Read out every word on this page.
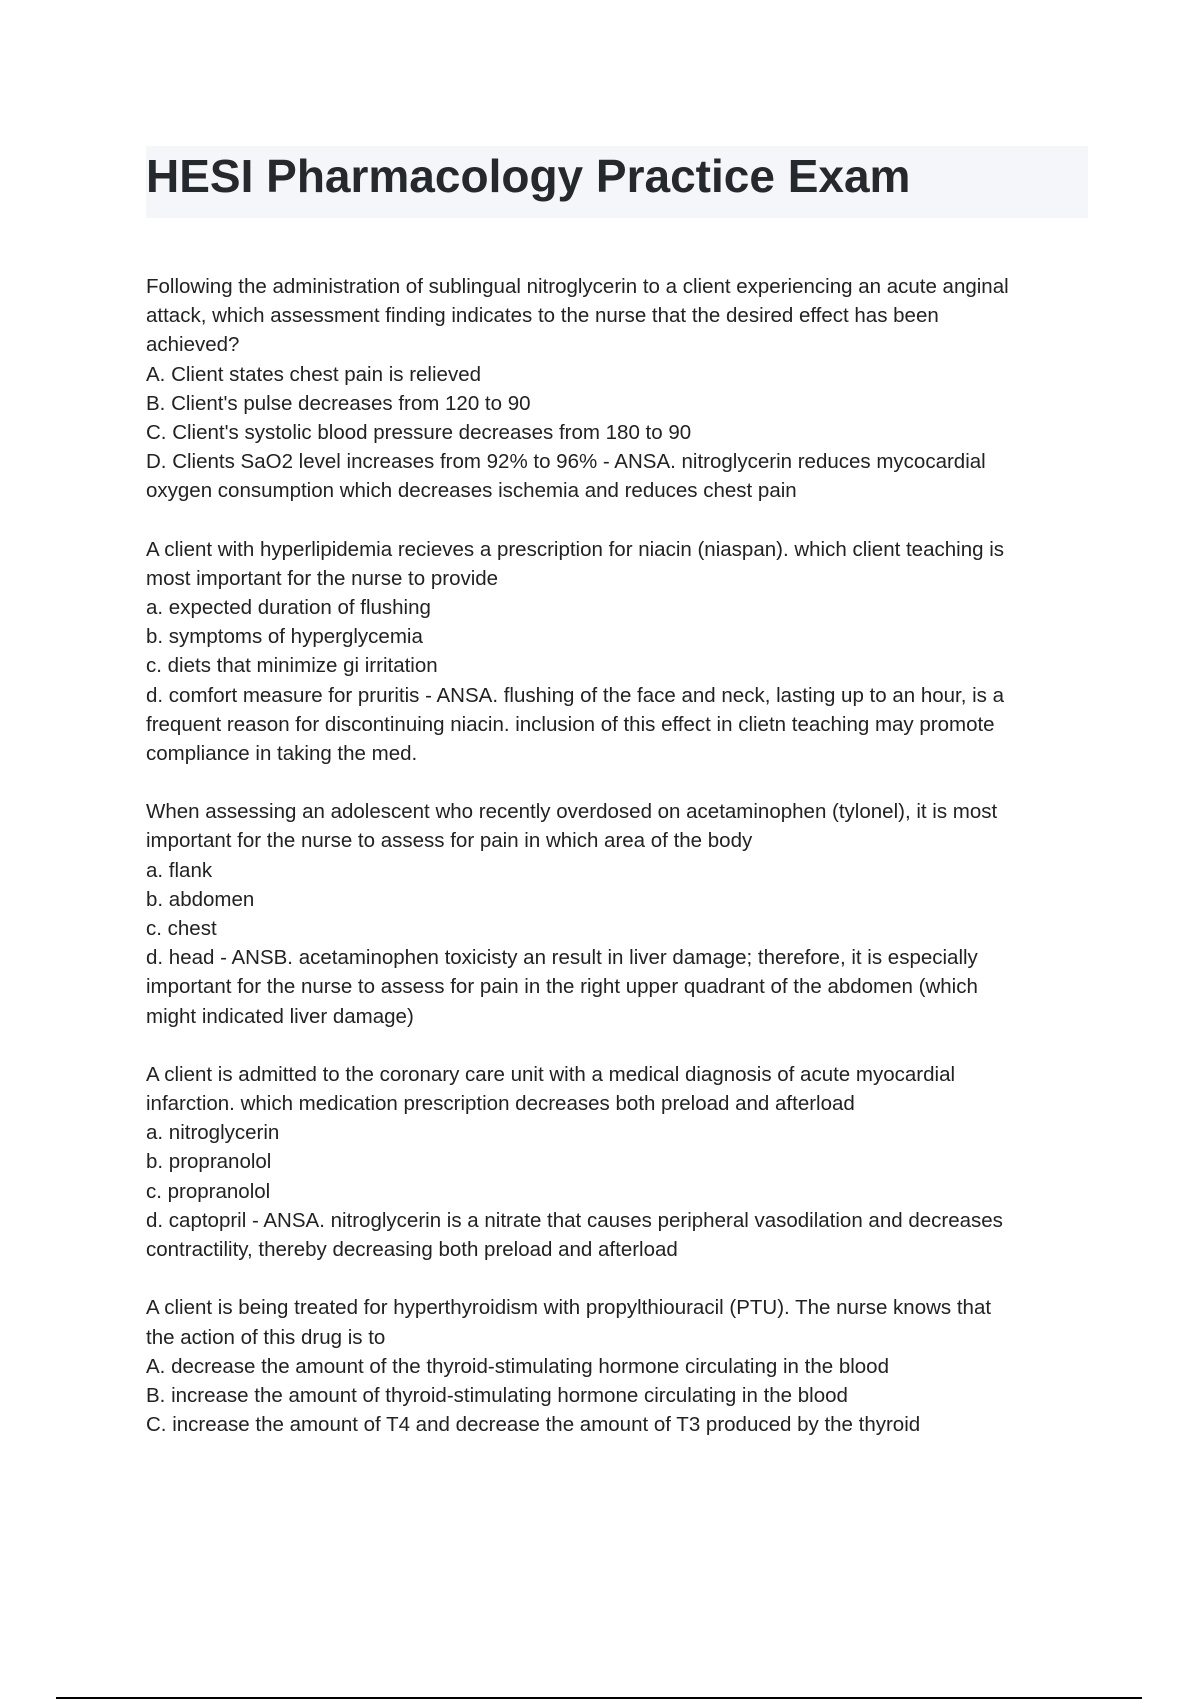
HESI Pharmacology Practice Exam
Following the administration of sublingual nitroglycerin to a client experiencing an acute anginal
attack, which assessment finding indicates to the nurse that the desired effect has been
achieved?
A. Client states chest pain is relieved
B. Client's pulse decreases from 120 to 90
C. Client's systolic blood pressure decreases from 180 to 90
D. Clients SaO2 level increases from 92% to 96% - ANSA. nitroglycerin reduces mycocardial
oxygen consumption which decreases ischemia and reduces chest pain
A client with hyperlipidemia recieves a prescription for niacin (niaspan). which client teaching is
most important for the nurse to provide
a. expected duration of flushing
b. symptoms of hyperglycemia
c. diets that minimize gi irritation
d. comfort measure for pruritis - ANSA. flushing of the face and neck, lasting up to an hour, is a
frequent reason for discontinuing niacin. inclusion of this effect in clietn teaching may promote
compliance in taking the med.
When assessing an adolescent who recently overdosed on acetaminophen (tylonel), it is most
important for the nurse to assess for pain in which area of the body
a. flank
b. abdomen
c. chest
d. head - ANSB. acetaminophen toxicisty an result in liver damage; therefore, it is especially
important for the nurse to assess for pain in the right upper quadrant of the abdomen (which
might indicated liver damage)
A client is admitted to the coronary care unit with a medical diagnosis of acute myocardial
infarction. which medication prescription decreases both preload and afterload
a. nitroglycerin
b. propranolol
c. propranolol
d. captopril - ANSA. nitroglycerin is a nitrate that causes peripheral vasodilation and decreases
contractility, thereby decreasing both preload and afterload
A client is being treated for hyperthyroidism with propylthiouracil (PTU). The nurse knows that
the action of this drug is to
A. decrease the amount of the thyroid-stimulating hormone circulating in the blood
B. increase the amount of thyroid-stimulating hormone circulating in the blood
C. increase the amount of T4 and decrease the amount of T3 produced by the thyroid
